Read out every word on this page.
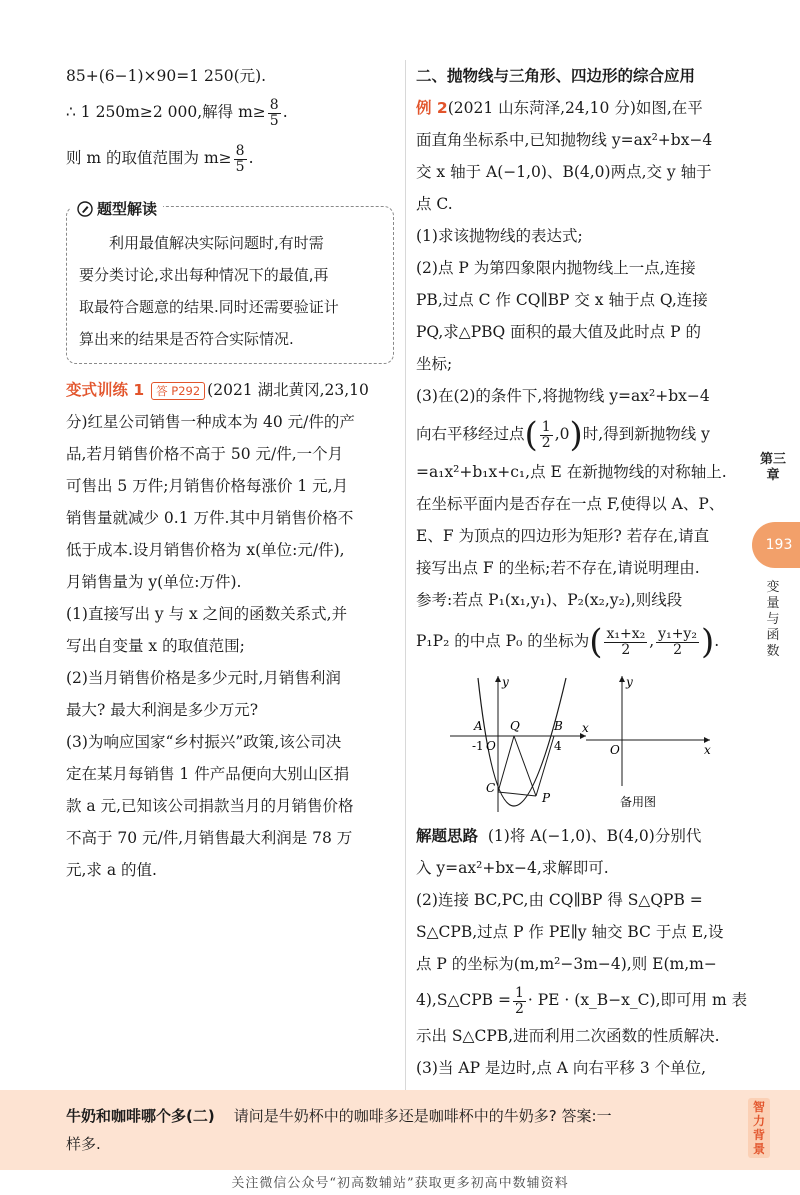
85+(6−1)×90=1 250(元).
∴ 1 250m≥2 000,解得 $m\ge \frac{8}{5}$ .
则 m 的取值范围为 $m\ge \frac{8}{5}$ .
题型解读
利用最值解决实际问题时,有时需
要分类讨论,求出每种情况下的最值,再
取最符合题意的结果.同时还需要验证计
算出来的结果是否符合实际情况.
变式训练 1 答 P292 (2021 湖北黄冈,23,10
分)红星公司销售一种成本为 40 元/件的产
品,若月销售价格不高于 50 元/件,一个月
可售出 5 万件;月销售价格每涨价 1 元,月
销售量就减少 0.1 万件.其中月销售价格不
低于成本.设月销售价格为 x(单位:元/件),
月销售量为 y(单位:万件).
(1)直接写出 y 与 x 之间的函数关系式,并
写出自变量 x 的取值范围;
(2)当月销售价格是多少元时,月销售利润
最大? 最大利润是多少万元?
(3)为响应国家“乡村振兴”政策,该公司决
定在某月每销售 1 件产品便向大别山区捐
款 a 元,已知该公司捐款当月的月销售价格
不高于 70 元/件,月销售最大利润是 78 万
元,求 a 的值.
二、抛物线与三角形、四边形的综合应用
例 2(2021 山东菏泽,24,10 分)如图,在平
面直角坐标系中,已知抛物线 y=ax²+bx−4
交 x 轴于 A(−1,0)、B(4,0)两点,交 y 轴于
点 C.
(1)求该抛物线的表达式;
(2)点 P 为第四象限内抛物线上一点,连接
PB,过点 C 作 CQ∥BP 交 x 轴于点 Q,连接
PQ,求△PBQ 面积的最大值及此时点 P 的
坐标;
(3)在(2)的条件下,将抛物线 y=ax²+bx−4
向右平移经过点( $\frac{1}{2} ,0$)时,得到新抛物线 y
=a₁x²+b₁x+c₁,点 E 在新抛物线的对称轴上.
在坐标平面内是否存在一点 F,使得以 A、P、
E、F 为顶点的四边形为矩形? 若存在,请直
接写出点 F 的坐标;若不存在,请说明理由.
参考:若点 P₁(x₁,y₁)、P₂(x₂,y₂),则线段
P₁P₂ 的中点 P₀ 的坐标为( $\frac{\text{x₁+x₂}}{2}$ , $\frac{\text{y₁+y₂}}{2}$ ).
A
-1 O
Q	B
4
C
P
x
y
O	x
y
备用图
解题思路 (1)将 A(−1,0)、B(4,0)分别代
入 y=ax²+bx−4,求解即可.
(2)连接 BC,PC,由 CQ∥BP 得 S△QPB =
S△CPB,过点 P 作 PE∥y 轴交 BC 于点 E,设
点 P 的坐标为(m,m²−3m−4),则 E(m,m−
4),S△CPB = $\frac{1}{2}$ · PE · (x_B−x_C),即可用 m 表
示出 S△CPB,进而利用二次函数的性质解决.
(3)当 AP 是边时,点 A 向右平移 3 个单位,
第三章
193
变量与函数
牛奶和咖啡哪个多(二) 请问是牛奶杯中的咖啡多还是咖啡杯中的牛奶多? 答案:一
样多.
智力背景
关注微信公众号“初高数辅站”获取更多初高中数辅资料
